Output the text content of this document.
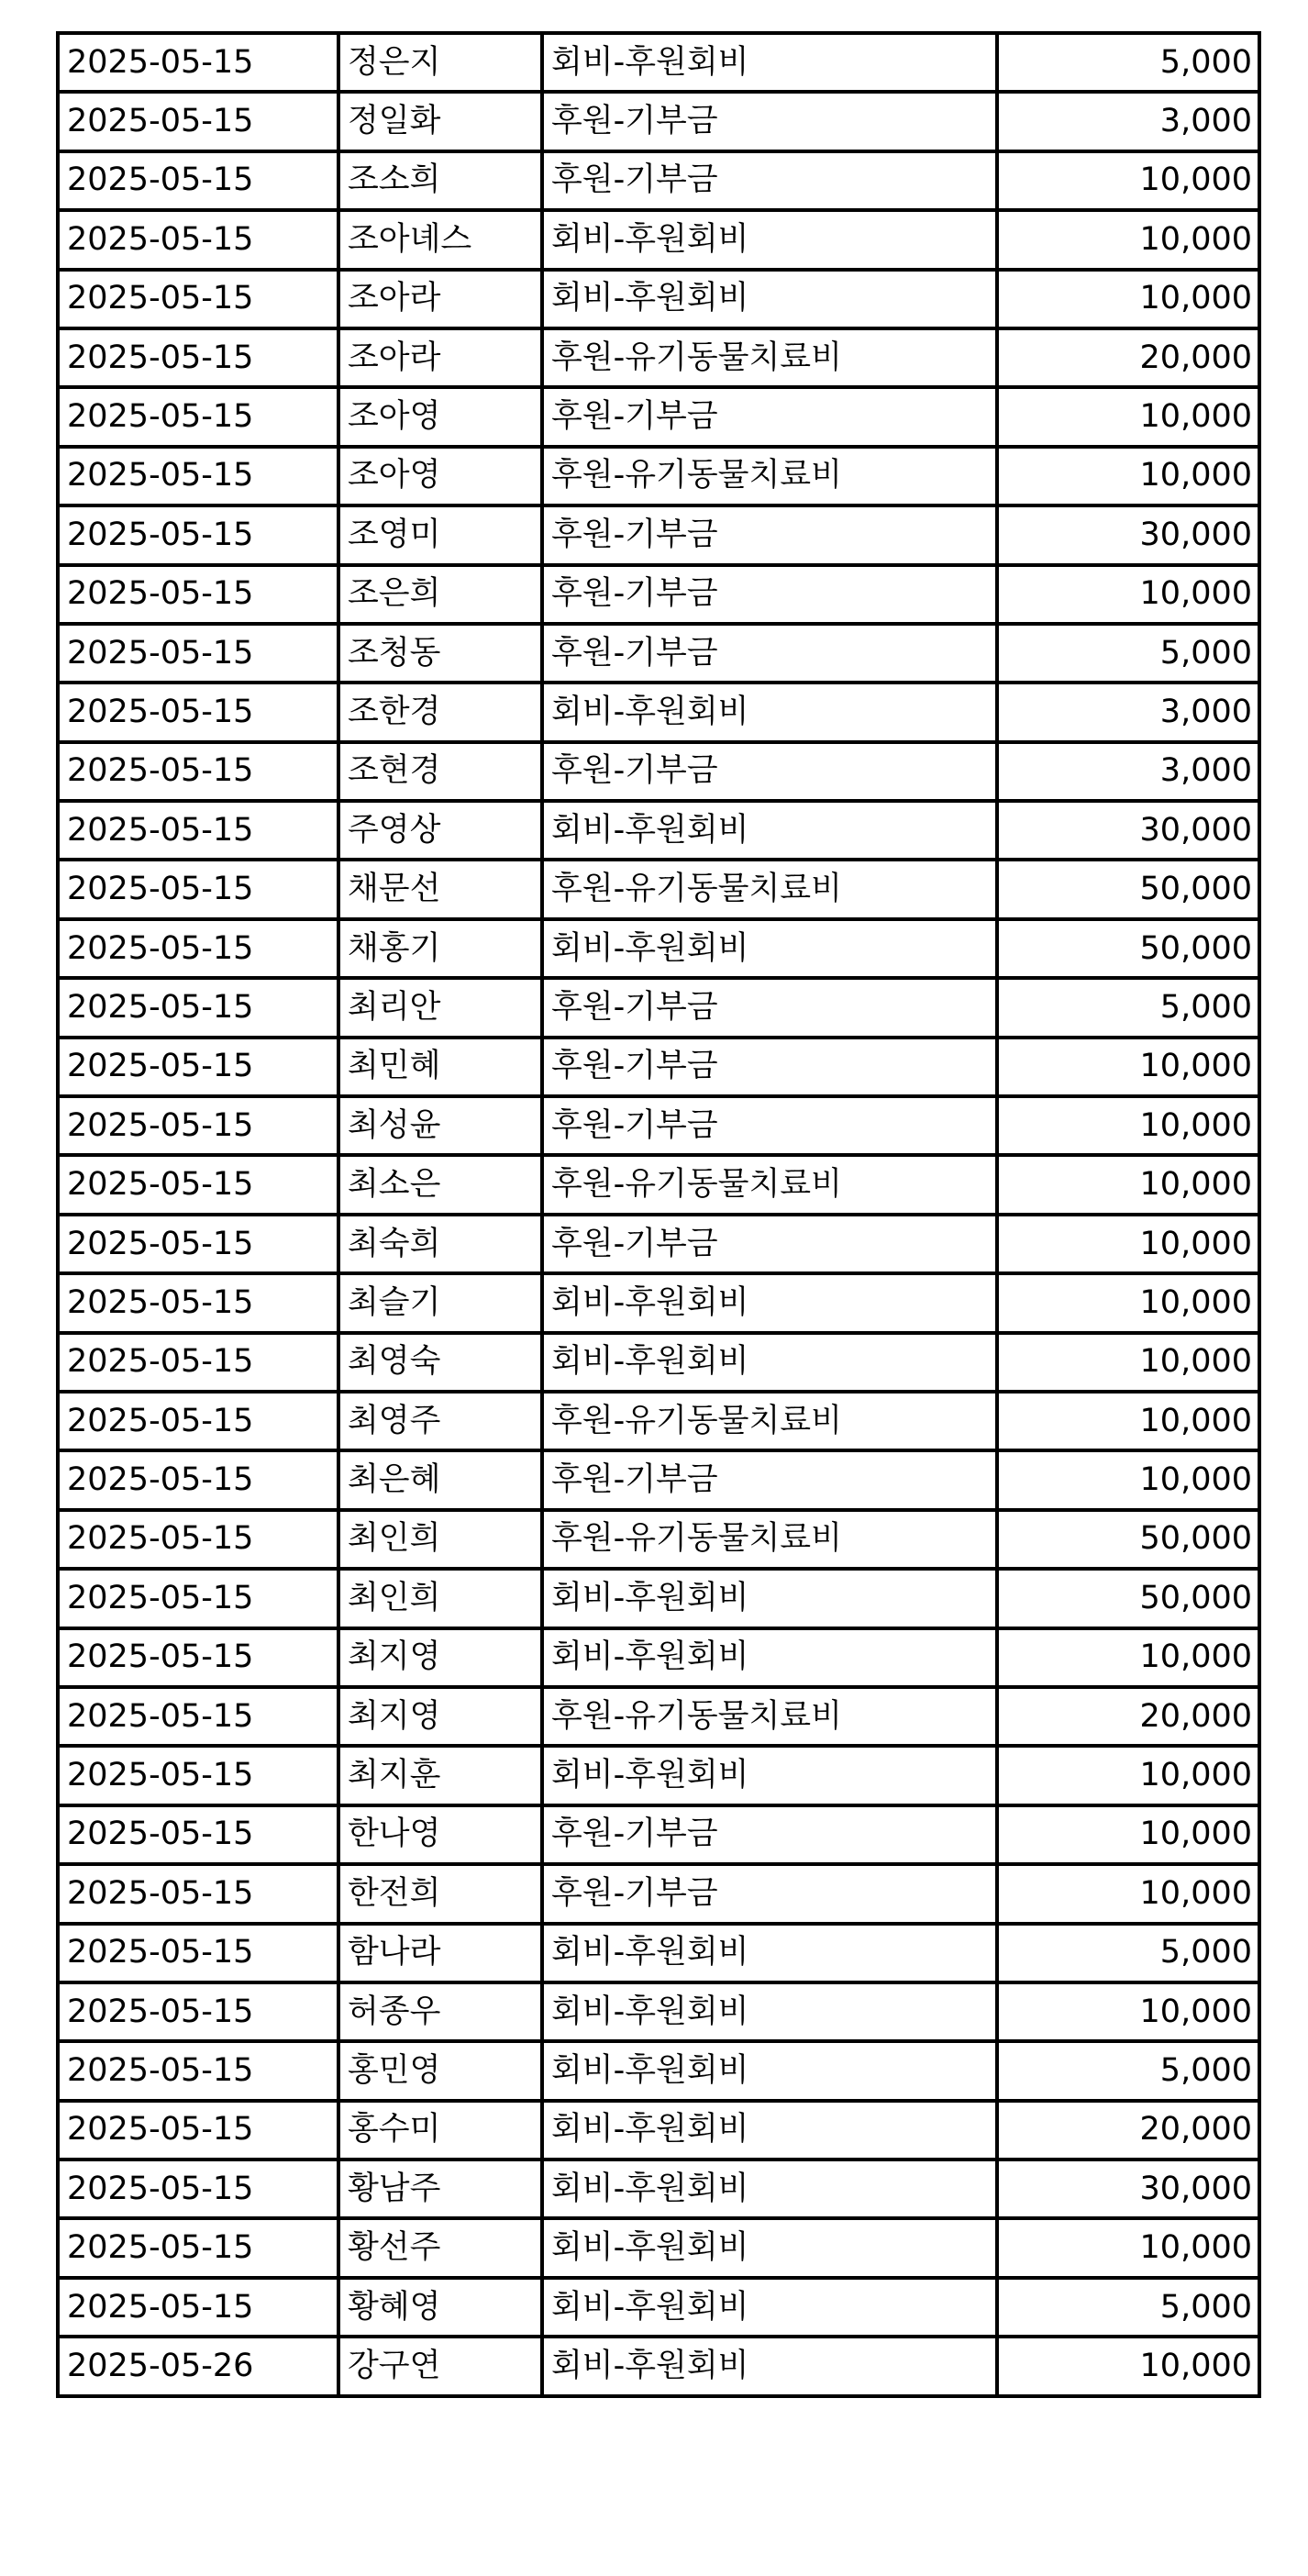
2025-05-15	정은지	회비-후원회비	5,000
2025-05-15	정일화	후원-기부금	3,000
2025-05-15	조소희	후원-기부금	10,000
2025-05-15	조아녜스	회비-후원회비	10,000
2025-05-15	조아라	회비-후원회비	10,000
2025-05-15	조아라	후원-유기동물치료비	20,000
2025-05-15	조아영	후원-기부금	10,000
2025-05-15	조아영	후원-유기동물치료비	10,000
2025-05-15	조영미	후원-기부금	30,000
2025-05-15	조은희	후원-기부금	10,000
2025-05-15	조청동	후원-기부금	5,000
2025-05-15	조한경	회비-후원회비	3,000
2025-05-15	조현경	후원-기부금	3,000
2025-05-15	주영상	회비-후원회비	30,000
2025-05-15	채문선	후원-유기동물치료비	50,000
2025-05-15	채홍기	회비-후원회비	50,000
2025-05-15	최리안	후원-기부금	5,000
2025-05-15	최민혜	후원-기부금	10,000
2025-05-15	최성윤	후원-기부금	10,000
2025-05-15	최소은	후원-유기동물치료비	10,000
2025-05-15	최숙희	후원-기부금	10,000
2025-05-15	최슬기	회비-후원회비	10,000
2025-05-15	최영숙	회비-후원회비	10,000
2025-05-15	최영주	후원-유기동물치료비	10,000
2025-05-15	최은혜	후원-기부금	10,000
2025-05-15	최인희	후원-유기동물치료비	50,000
2025-05-15	최인희	회비-후원회비	50,000
2025-05-15	최지영	회비-후원회비	10,000
2025-05-15	최지영	후원-유기동물치료비	20,000
2025-05-15	최지훈	회비-후원회비	10,000
2025-05-15	한나영	후원-기부금	10,000
2025-05-15	한전희	후원-기부금	10,000
2025-05-15	함나라	회비-후원회비	5,000
2025-05-15	허종우	회비-후원회비	10,000
2025-05-15	홍민영	회비-후원회비	5,000
2025-05-15	홍수미	회비-후원회비	20,000
2025-05-15	황남주	회비-후원회비	30,000
2025-05-15	황선주	회비-후원회비	10,000
2025-05-15	황혜영	회비-후원회비	5,000
2025-05-26	강구연	회비-후원회비	10,000
